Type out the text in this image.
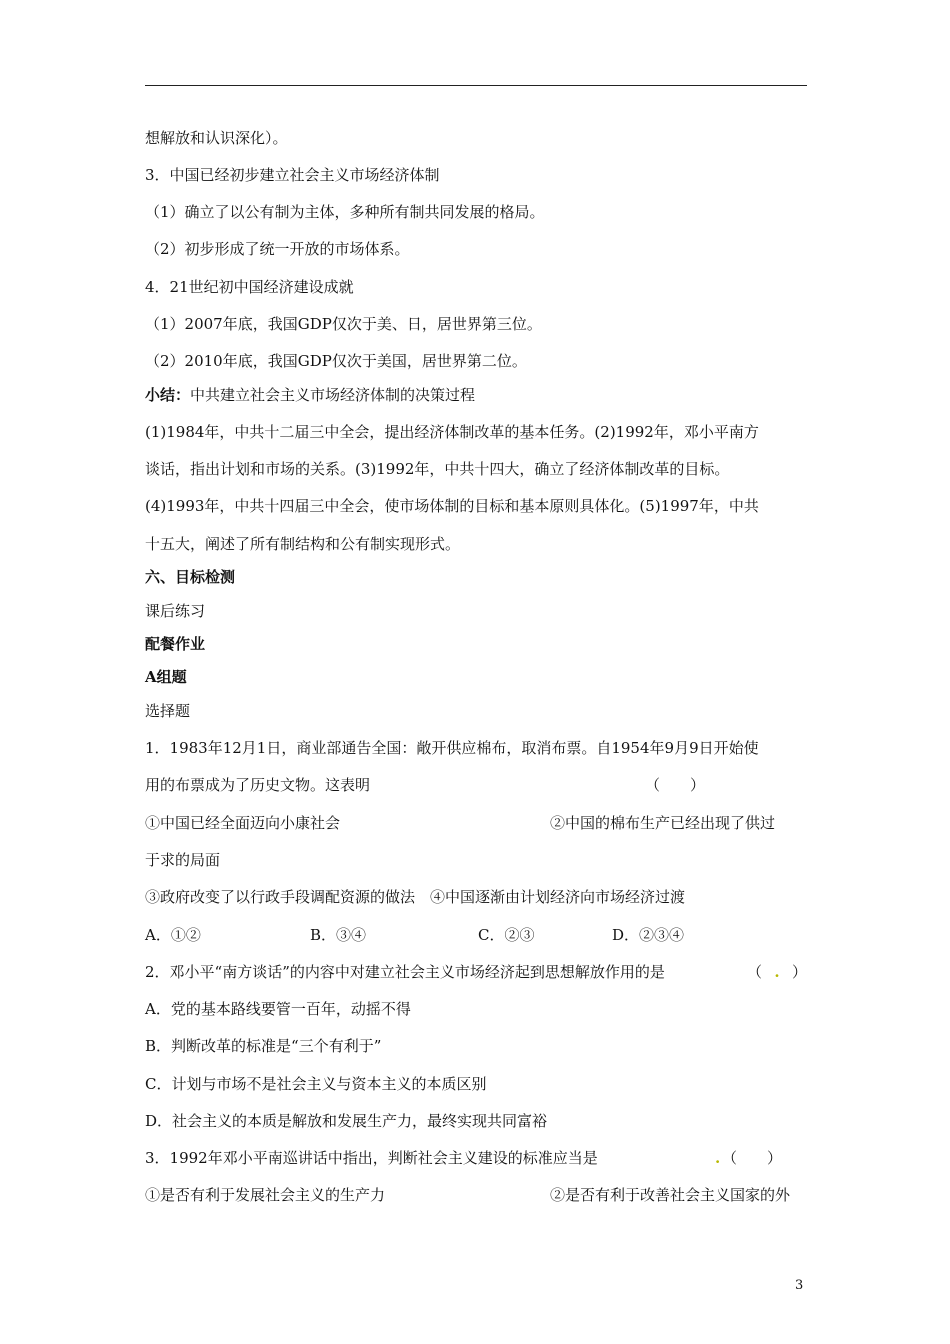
想解放和认识深化）。
3．中国已经初步建立社会主义市场经济体制
（1）确立了以公有制为主体，多种所有制共同发展的格局。
（2）初步形成了统一开放的市场体系。
4．21世纪初中国经济建设成就
（1）2007年底，我国GDP仅次于美、日，居世界第三位。
（2）2010年底，我国GDP仅次于美国，居世界第二位。
小结：中共建立社会主义市场经济体制的决策过程
(1)1984年，中共十二届三中全会，提出经济体制改革的基本任务。(2)1992年，邓小平南方
谈话，指出计划和市场的关系。(3)1992年，中共十四大，确立了经济体制改革的目标。
(4)1993年，中共十四届三中全会，使市场体制的目标和基本原则具体化。(5)1997年，中共
十五大，阐述了所有制结构和公有制实现形式。
六、目标检测
课后练习
配餐作业
A组题
选择题
1．1983年12月1日，商业部通告全国：敞开供应棉布，取消布票。自1954年9月9日开始使
用的布票成为了历史文物。这表明	（　　）
①中国已经全面迈向小康社会	②中国的棉布生产已经出现了供过
于求的局面
③政府改变了以行政手段调配资源的做法　④中国逐渐由计划经济向市场经济过渡
A．①②	B．③④	C．②③	D．②③④
2．邓小平“南方谈话”的内容中对建立社会主义市场经济起到思想解放作用的是	（ . ）
A．党的基本路线要管一百年，动摇不得
B．判断改革的标准是“三个有利于”
C．计划与市场不是社会主义与资本主义的本质区别
D．社会主义的本质是解放和发展生产力，最终实现共同富裕
3．1992年邓小平南巡讲话中指出，判断社会主义建设的标准应当是	. （　　）
①是否有利于发展社会主义的生产力	②是否有利于改善社会主义国家的外
3
